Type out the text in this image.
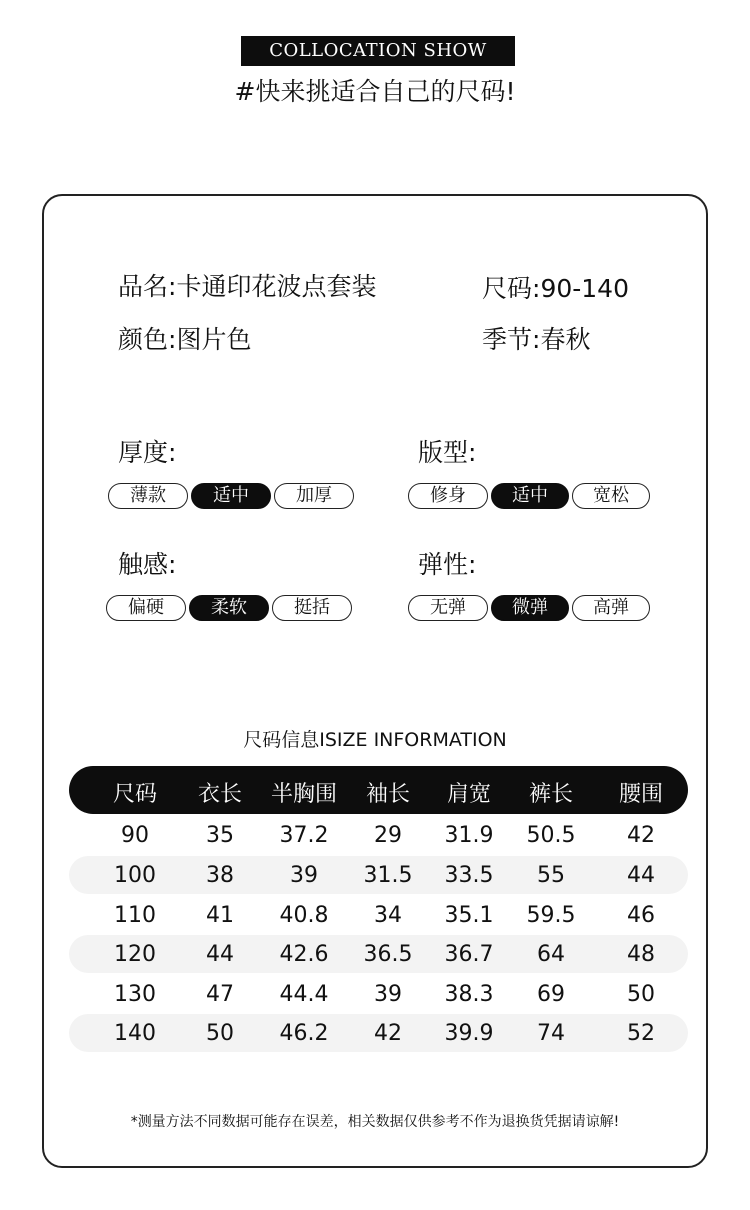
COLLOCATION SHOW
#快来挑适合自己的尺码!
品名:卡通印花波点套装	尺码:90-140
颜色:图片色	季节:春秋
厚度:
薄款	适中	加厚
版型:
修身	适中	宽松
触感:
偏硬	柔软	挺括
弹性:
无弹	微弹	高弹
尺码信息ISIZE INFORMATION
尺码 衣长 半胸围 袖长 肩宽 裤长 腰围
90	35 37.2 29 31.9 50.5 42
100 38	39 31.5 33.5 55	44
110 41 40.8 34 35.1 59.5 46
120 44 42.6 36.5 36.7 64	48
130 47 44.4 39 38.3 69	50
140 50 46.2 42 39.9 74	52
*测量方法不同数据可能存在误差，相关数据仅供参考不作为退换货凭据请谅解!
